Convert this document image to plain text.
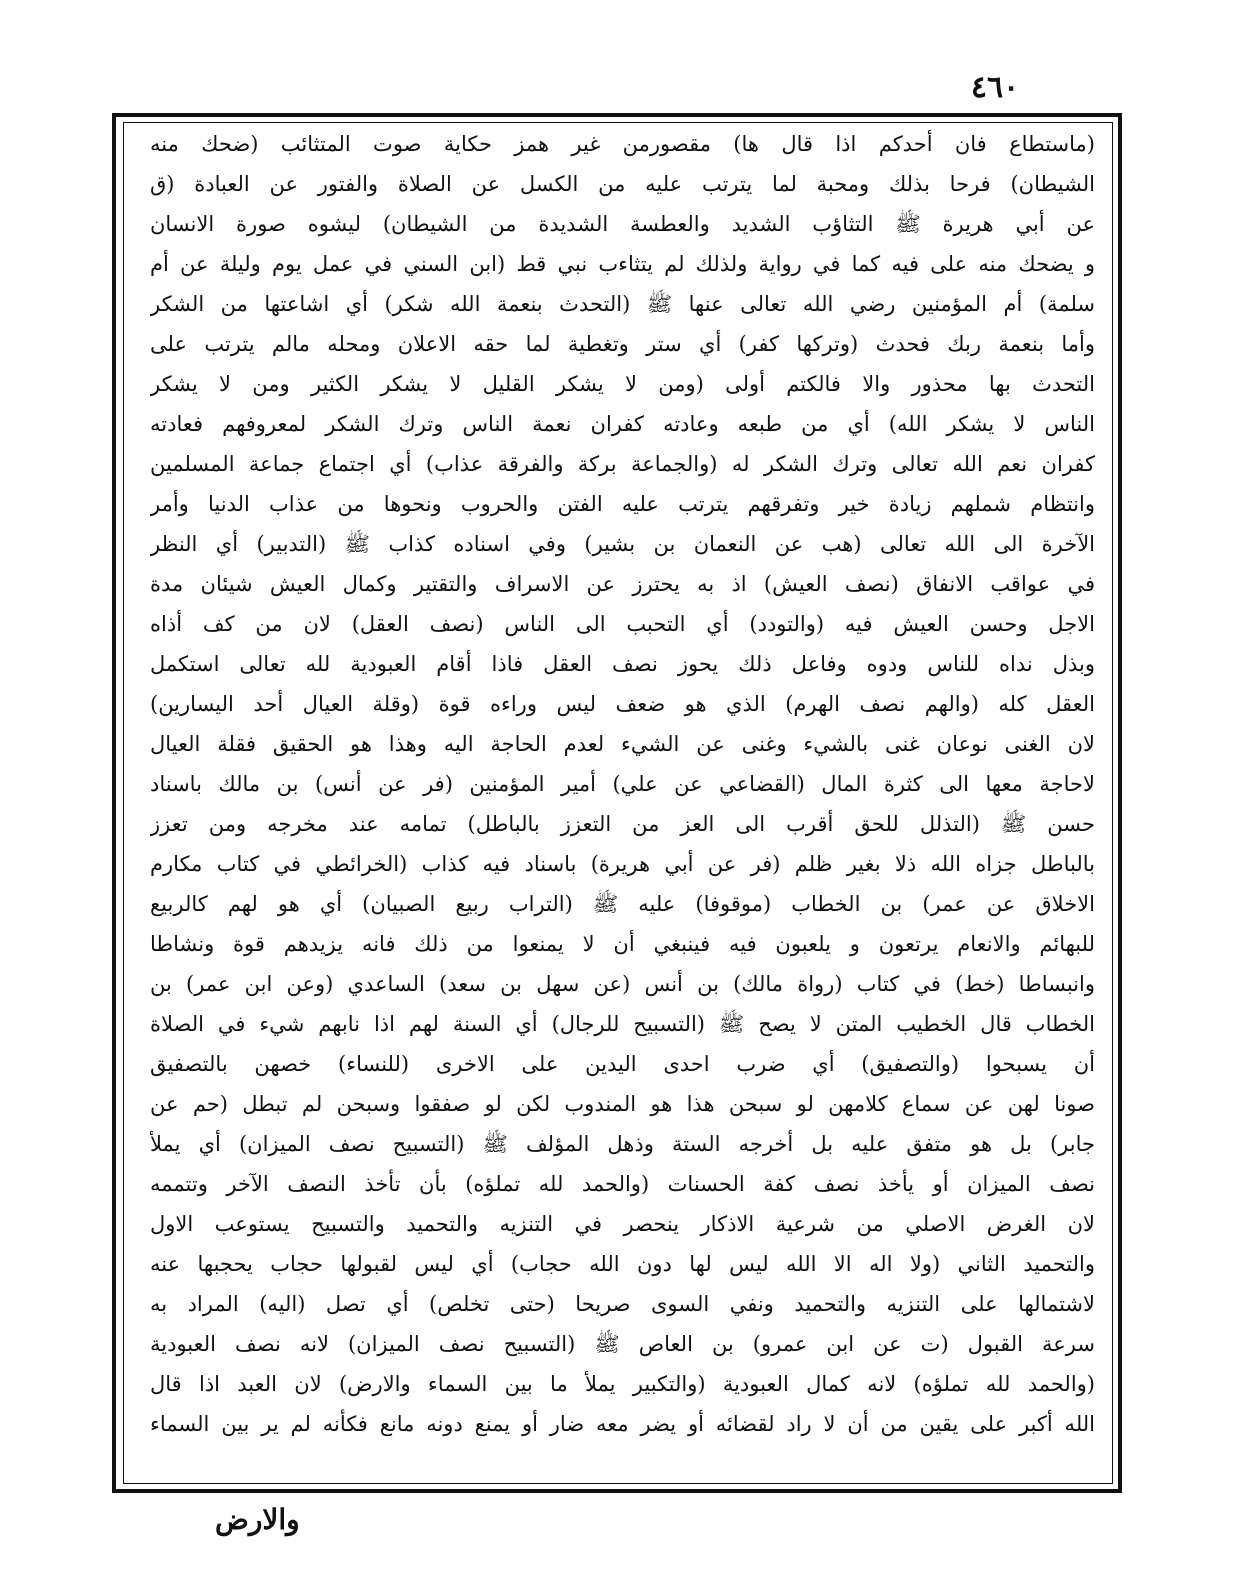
٤٦٠
(ماستطاع فان أحدكم اذا قال ها) مقصورمن غير همز حكاية صوت المتثائب (ضحك منه
الشيطان) فرحا بذلك ومحبة لما يترتب عليه من الكسل عن الصلاة والفتور عن العبادة (ق
عن أبي هريرة ﷺ التثاؤب الشديد والعطسة الشديدة من الشيطان) ليشوه صورة الانسان
و يضحك منه على فيه كما في رواية ولذلك لم يتثاءب نبي قط (ابن السني في عمل يوم وليلة عن أم
سلمة) أم المؤمنين رضي الله تعالى عنها ﷺ (التحدث بنعمة الله شكر) أي اشاعتها من الشكر
وأما بنعمة ربك فحدث (وتركها كفر) أي ستر وتغطية لما حقه الاعلان ومحله مالم يترتب على
التحدث بها محذور والا فالكتم أولى (ومن لا يشكر القليل لا يشكر الكثير ومن لا يشكر
الناس لا يشكر الله) أي من طبعه وعادته كفران نعمة الناس وترك الشكر لمعروفهم فعادته
كفران نعم الله تعالى وترك الشكر له (والجماعة بركة والفرقة عذاب) أي اجتماع جماعة المسلمين
وانتظام شملهم زيادة خير وتفرقهم يترتب عليه الفتن والحروب ونحوها من عذاب الدنيا وأمر
الآخرة الى الله تعالى (هب عن النعمان بن بشير) وفي اسناده كذاب ﷺ (التدبير) أي النظر
في عواقب الانفاق (نصف العيش) اذ به يحترز عن الاسراف والتقتير وكمال العيش شيئان مدة
الاجل وحسن العيش فيه (والتودد) أي التحبب الى الناس (نصف العقل) لان من كف أذاه
وبذل نداه للناس ودوه وفاعل ذلك يحوز نصف العقل فاذا أقام العبودية لله تعالى استكمل
العقل كله (والهم نصف الهرم) الذي هو ضعف ليس وراءه قوة (وقلة العيال أحد اليسارين)
لان الغنى نوعان غنى بالشيء وغنى عن الشيء لعدم الحاجة اليه وهذا هو الحقيق فقلة العيال
لاحاجة معها الى كثرة المال (القضاعي عن علي) أمير المؤمنين (فر عن أنس) بن مالك باسناد
حسن ﷺ (التذلل للحق أقرب الى العز من التعزز بالباطل) تمامه عند مخرجه ومن تعزز
بالباطل جزاه الله ذلا بغير ظلم (فر عن أبي هريرة) باسناد فيه كذاب (الخرائطي في كتاب مكارم
الاخلاق عن عمر) بن الخطاب (موقوفا) عليه ﷺ (التراب ربيع الصبيان) أي هو لهم كالربيع
للبهائم والانعام يرتعون و يلعبون فيه فينبغي أن لا يمنعوا من ذلك فانه يزيدهم قوة ونشاطا
وانبساطا (خط) في كتاب (رواة مالك) بن أنس (عن سهل بن سعد) الساعدي (وعن ابن عمر) بن
الخطاب قال الخطيب المتن لا يصح ﷺ (التسبيح للرجال) أي السنة لهم اذا نابهم شيء في الصلاة
أن يسبحوا (والتصفيق) أي ضرب احدى اليدين على الاخرى (للنساء) خصهن بالتصفيق
صونا لهن عن سماع كلامهن لو سبحن هذا هو المندوب لكن لو صفقوا وسبحن لم تبطل (حم عن
جابر) بل هو متفق عليه بل أخرجه الستة وذهل المؤلف ﷺ (التسبيح نصف الميزان) أي يملأ
نصف الميزان أو يأخذ نصف كفة الحسنات (والحمد لله تملؤه) بأن تأخذ النصف الآخر وتتممه
لان الغرض الاصلي من شرعية الاذكار ينحصر في التنزيه والتحميد والتسبيح يستوعب الاول
والتحميد الثاني (ولا اله الا الله ليس لها دون الله حجاب) أي ليس لقبولها حجاب يحجبها عنه
لاشتمالها على التنزيه والتحميد ونفي السوى صريحا (حتى تخلص) أي تصل (اليه) المراد به
سرعة القبول (ت عن ابن عمرو) بن العاص ﷺ (التسبيح نصف الميزان) لانه نصف العبودية
(والحمد لله تملؤه) لانه كمال العبودية (والتكبير يملأ ما بين السماء والارض) لان العبد اذا قال
الله أكبر على يقين من أن لا راد لقضائه أو يضر معه ضار أو يمنع دونه مانع فكأنه لم ير بين السماء
والارض
